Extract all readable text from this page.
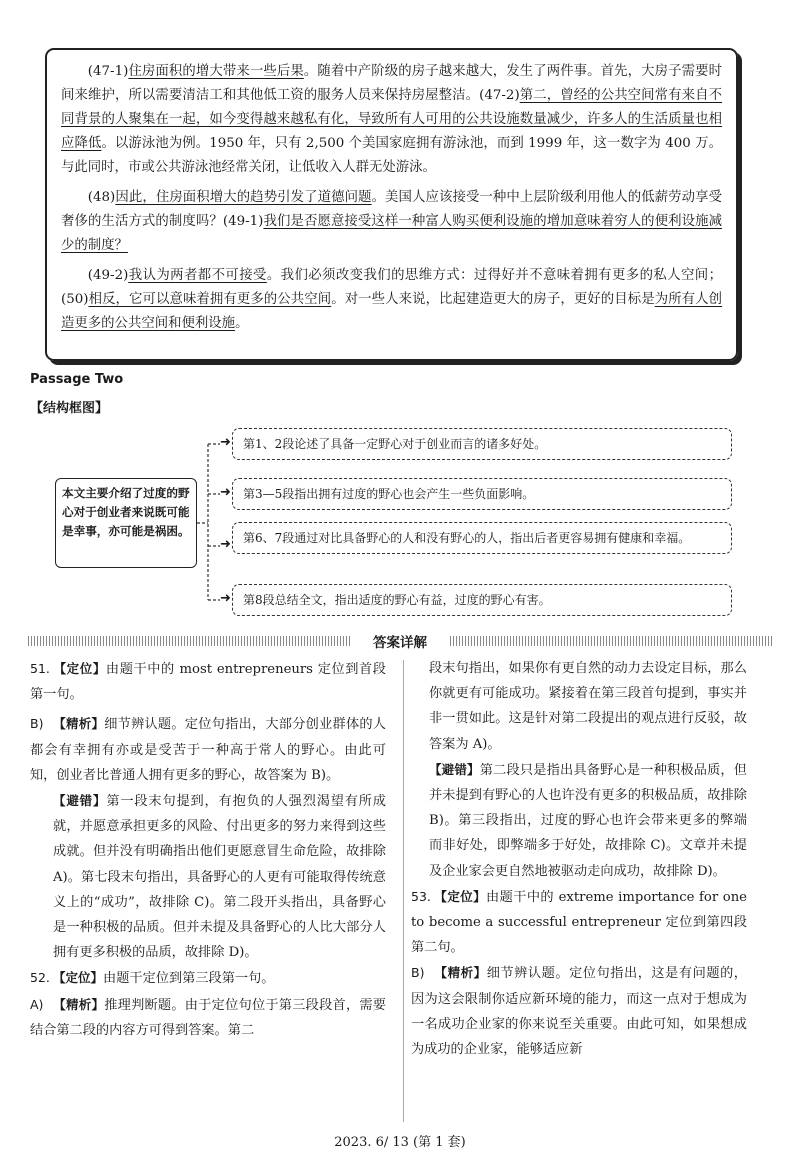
(47-1)住房面积的增大带来一些后果。随着中产阶级的房子越来越大，发生了两件事。首先，大房子需要时间来维护，所以需要清洁工和其他低工资的服务人员来保持房屋整洁。(47-2)第二，曾经的公共空间常有来自不同背景的人聚集在一起，如今变得越来越私有化，导致所有人可用的公共设施数量减少，许多人的生活质量也相应降低。以游泳池为例。1950 年，只有 2,500 个美国家庭拥有游泳池，而到 1999 年，这一数字为 400 万。与此同时，市或公共游泳池经常关闭，让低收入人群无处游泳。

(48)因此，住房面积增大的趋势引发了道德问题。美国人应该接受一种中上层阶级利用他人的低薪劳动享受奢侈的生活方式的制度吗？(49-1)我们是否愿意接受这样一种富人购买便利设施的增加意味着穷人的便利设施减少的制度？

(49-2)我认为两者都不可接受。我们必须改变我们的思维方式：过得好并不意味着拥有更多的私人空间；(50)相反，它可以意味着拥有更多的公共空间。对一些人来说，比起建造更大的房子，更好的目标是为所有人创造更多的公共空间和便利设施。

Passage Two
【结构框图】
本文主要介绍了过度的野心对于创业者来说既可能是幸事，亦可能是祸困。
➜
➜
➜
➜
第1、2段论述了具备一定野心对于创业而言的诸多好处。
第3—5段指出拥有过度的野心也会产生一些负面影响。
第6、7段通过对比具备野心的人和没有野心的人，指出后者更容易拥有健康和幸福。
第8段总结全文，指出适度的野心有益，过度的野心有害。
答案详解

51. 【定位】由题干中的 most entrepreneurs 定位到首段第一句。

B) 【精析】细节辨认题。定位句指出，大部分创业群体的人都会有幸拥有亦或是受苦于一种高于常人的野心。由此可知，创业者比普通人拥有更多的野心，故答案为 B)。

【避错】第一段末句提到，有抱负的人强烈渴望有所成就，并愿意承担更多的风险、付出更多的努力来得到这些成就。但并没有明确指出他们更愿意冒生命危险，故排除 A)。第七段末句指出，具备野心的人更有可能取得传统意义上的“成功”，故排除 C)。第二段开头指出，具备野心是一种积极的品质。但并未提及具备野心的人比大部分人拥有更多积极的品质，故排除 D)。

52. 【定位】由题干定位到第三段第一句。

A) 【精析】推理判断题。由于定位句位于第三段段首，需要结合第二段的内容方可得到答案。第二

段末句指出，如果你有更自然的动力去设定目标，那么你就更有可能成功。紧接着在第三段首句提到，事实并非一贯如此。这是针对第二段提出的观点进行反驳，故答案为 A)。

【避错】第二段只是指出具备野心是一种积极品质，但并未提到有野心的人也许没有更多的积极品质，故排除 B)。第三段指出，过度的野心也许会带来更多的弊端而非好处，即弊端多于好处，故排除 C)。文章并未提及企业家会更自然地被驱动走向成功，故排除 D)。

53. 【定位】由题干中的 extreme importance for one to become a successful entrepreneur 定位到第四段第二句。

B) 【精析】细节辨认题。定位句指出，这是有问题的，因为这会限制你适应新环境的能力，而这一点对于想成为一名成功企业家的你来说至关重要。由此可知，如果想成为成功的企业家，能够适应新

2023. 6/ 13 (第 1 套)
